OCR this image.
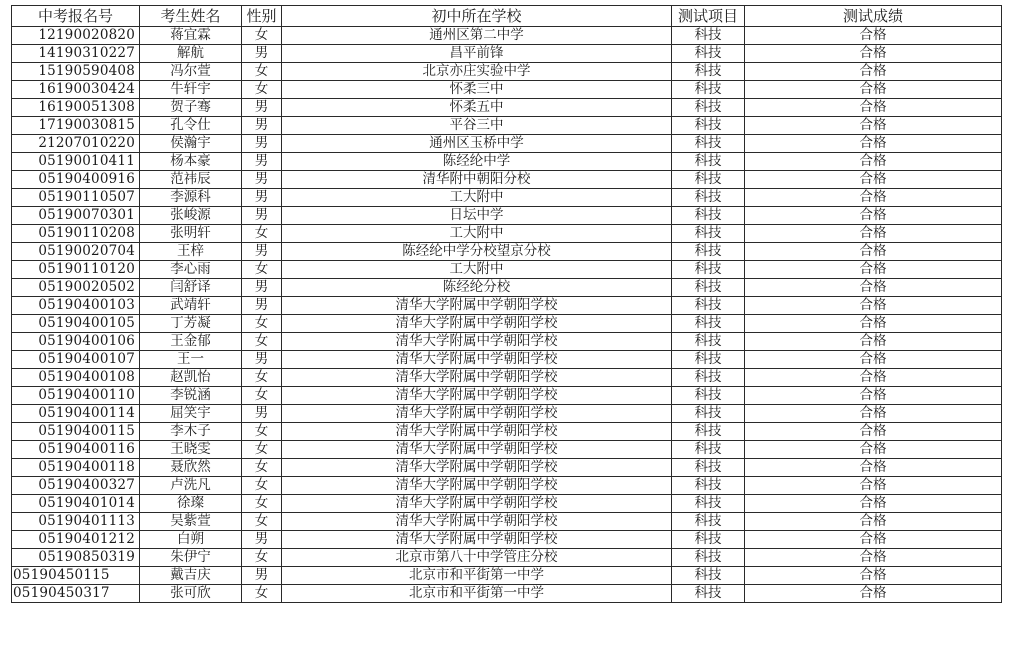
中考报名号	考生姓名	性别	初中所在学校	测试项目	测试成绩
12190020820	蒋宜霖	女	通州区第二中学	科技	合格
14190310227	解航	男	昌平前锋	科技	合格
15190590408	冯尔萱	女	北京亦庄实验中学	科技	合格
16190030424	牛轩宇	女	怀柔三中	科技	合格
16190051308	贺子骞	男	怀柔五中	科技	合格
17190030815	孔令仕	男	平谷三中	科技	合格
21207010220	侯瀚宇	男	通州区玉桥中学	科技	合格
05190010411	杨本豪	男	陈经纶中学	科技	合格
05190400916	范祎辰	男	清华附中朝阳分校	科技	合格
05190110507	李源科	男	工大附中	科技	合格
05190070301	张峻源	男	日坛中学	科技	合格
05190110208	张明轩	女	工大附中	科技	合格
05190020704	王梓	男	陈经纶中学分校望京分校	科技	合格
05190110120	李心雨	女	工大附中	科技	合格
05190020502	闫舒译	男	陈经纶分校	科技	合格
05190400103	武靖轩	男	清华大学附属中学朝阳学校	科技	合格
05190400105	丁芳凝	女	清华大学附属中学朝阳学校	科技	合格
05190400106	王金郁	女	清华大学附属中学朝阳学校	科技	合格
05190400107	王一	男	清华大学附属中学朝阳学校	科技	合格
05190400108	赵凯怡	女	清华大学附属中学朝阳学校	科技	合格
05190400110	李锐涵	女	清华大学附属中学朝阳学校	科技	合格
05190400114	屈笑宇	男	清华大学附属中学朝阳学校	科技	合格
05190400115	李木子	女	清华大学附属中学朝阳学校	科技	合格
05190400116	王晓雯	女	清华大学附属中学朝阳学校	科技	合格
05190400118	聂欣然	女	清华大学附属中学朝阳学校	科技	合格
05190400327	卢洗凡	女	清华大学附属中学朝阳学校	科技	合格
05190401014	徐璨	女	清华大学附属中学朝阳学校	科技	合格
05190401113	吴紫萱	女	清华大学附属中学朝阳学校	科技	合格
05190401212	白朔	男	清华大学附属中学朝阳学校	科技	合格
05190850319	朱伊宁	女	北京市第八十中学管庄分校	科技	合格
05190450115	戴吉庆	男	北京市和平街第一中学	科技	合格
05190450317	张可欣	女	北京市和平街第一中学	科技	合格
